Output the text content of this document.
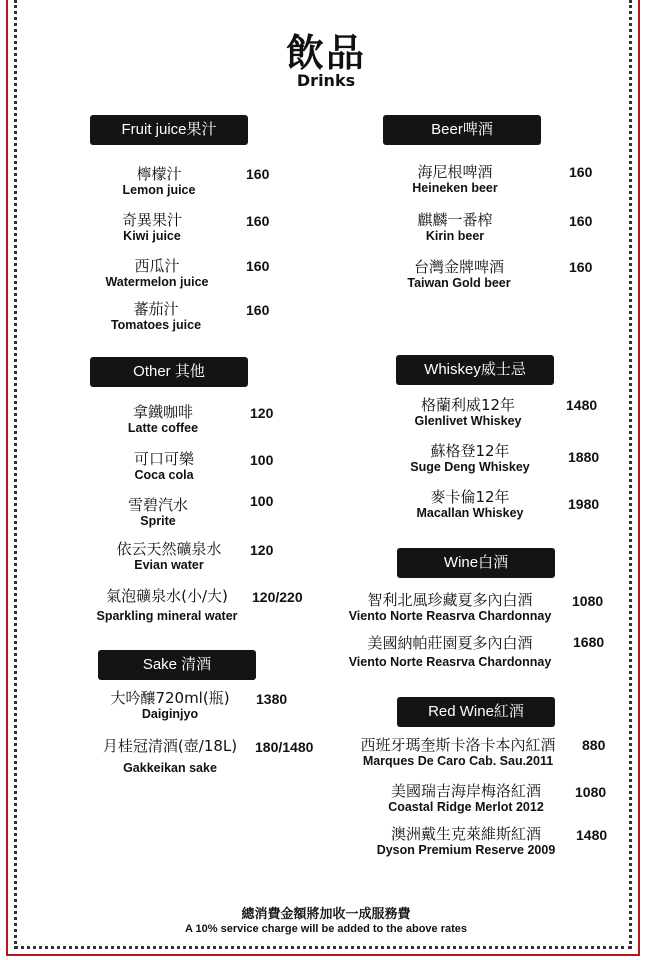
飲品
Drinks
Fruit juice果汁
檸檬汁
Lemon juice
160
奇異果汁
Kiwi juice
160
西瓜汁
Watermelon juice
160
蕃茄汁
Tomatoes juice
160
Beer啤酒
海尼根啤酒
Heineken beer
160
麒麟一番榨
Kirin beer
160
台灣金牌啤酒
Taiwan Gold beer
160
Other 其他
拿鐵咖啡
Latte coffee
120
可口可樂
Coca cola
100
雪碧汽水
Sprite
100
依云天然礦泉水
Evian water
120
氣泡礦泉水(小/大)
Sparkling mineral water
120/220
Whiskey威士忌
格蘭利威12年
Glenlivet Whiskey
1480
蘇格登12年
Suge Deng Whiskey
1880
麥卡倫12年
Macallan Whiskey
1980
Wine白酒
智利北風珍藏夏多內白酒
Viento Norte Reasrva Chardonnay
1080
美國納帕莊園夏多內白酒
Viento Norte Reasrva Chardonnay
1680
Sake 清酒
大吟釀720ml(瓶)
Daiginjyo
1380
月桂冠清酒(壺/18L)
Gakkeikan sake
180/1480
Red Wine紅酒
西班牙瑪奎斯卡洛卡本內紅酒
Marques De Caro Cab. Sau.2011
880
美國瑞吉海岸梅洛紅酒
Coastal Ridge Merlot 2012
1080
澳洲戴生克萊維斯紅酒
Dyson Premium Reserve 2009
1480
總消費金額將加收一成服務費
A 10% service charge will be added to the above rates
